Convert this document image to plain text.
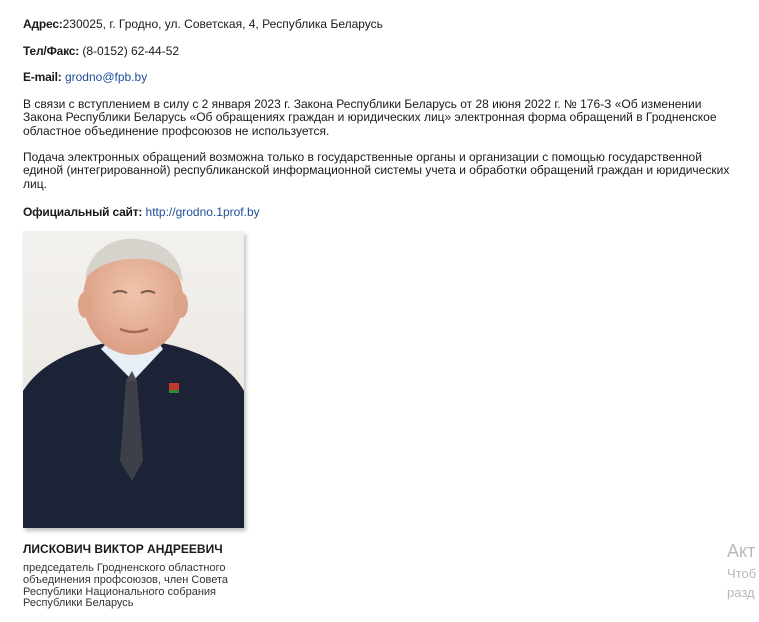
Адрес:230025, г. Гродно, ул. Советская, 4, Республика Беларусь
Тел/Факс: (8-0152) 62-44-52
E-mail: grodno@fpb.by
В связи с вступлением в силу с 2 января 2023 г. Закона Республики Беларусь от 28 июня 2022 г. № 176-З «Об изменении Закона Республики Беларусь «Об обращениях граждан и юридических лиц» электронная форма обращений в Гродненское областное объединение профсоюзов не используется.
Подача электронных обращений возможна только в государственные органы и организации с помощью государственной единой (интегрированной) республиканской информационной системы учета и обработки обращений граждан и юридических лиц.
Официальный сайт: http://grodno.1prof.by
ЛИСКОВИЧ ВИКТОР АНДРЕЕВИЧ
председатель Гродненского областного объединения профсоюзов, член Совета Республики Национального собрания Республики Беларусь
Акт
Чтоб
разд
